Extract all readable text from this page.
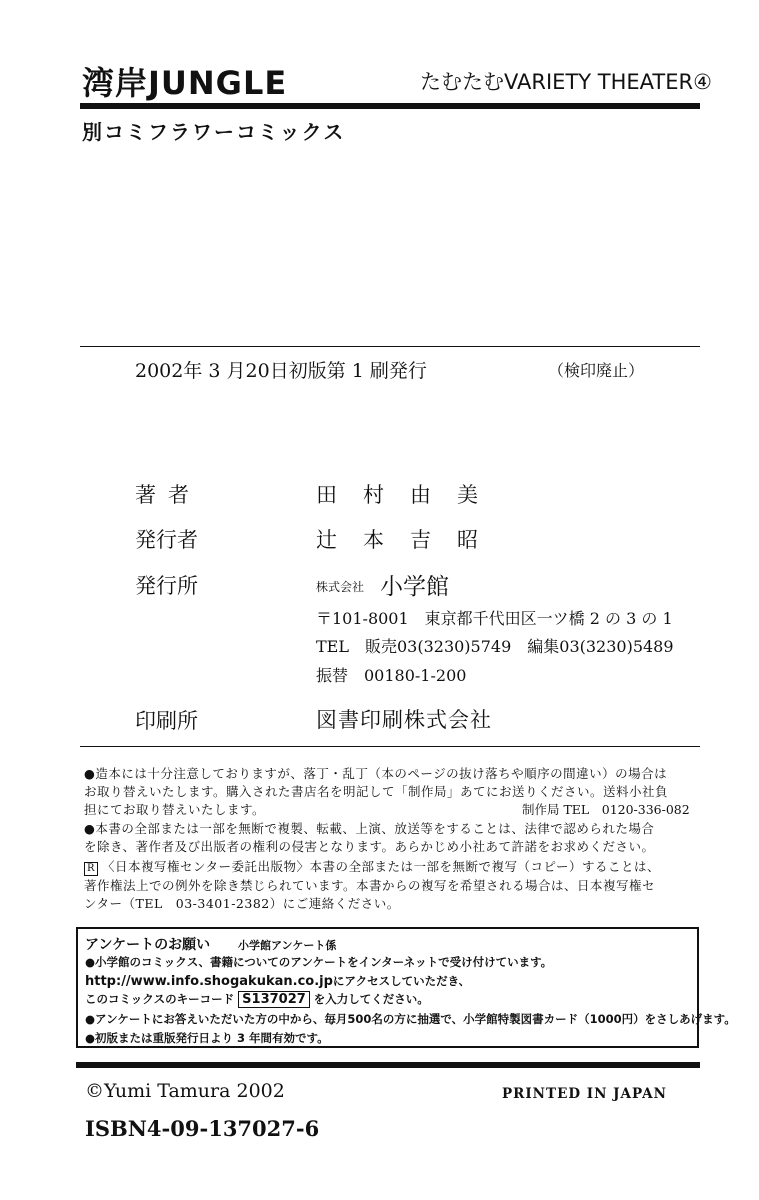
湾岸JUNGLE	たむたむVARIETY THEATER④
別コミフラワーコミックス
2002年 3 月20日初版第 1 刷発行	（検印廃止）
著者	田村由美
発行者	辻本吉昭
発行所	株式会社 小学館
〒101-8001　東京都千代田区一ツ橋 2 の 3 の 1
TEL　販売03(3230)5749　編集03(3230)5489
振替　00180-1-200
印刷所	図書印刷株式会社
●造本には十分注意しておりますが、落丁・乱丁（本のページの抜け落ちや順序の間違い）の場合は
お取り替えいたします。購入された書店名を明記して「制作局」あてにお送りください。送料小社負
担にてお取り替えいたします。	制作局 TEL　0120-336-082
●本書の全部または一部を無断で複製、転載、上演、放送等をすることは、法律で認められた場合
を除き、著作者及び出版者の権利の侵害となります。あらかじめ小社あて許諾をお求めください。
R 〈日本複写権センター委託出版物〉本書の全部または一部を無断で複写（コピー）することは、
著作権法上での例外を除き禁じられています。本書からの複写を希望される場合は、日本複写権セ
ンター（TEL　03-3401-2382）にご連絡ください。
アンケートのお願い	小学館アンケート係
●小学館のコミックス、書籍についてのアンケートをインターネットで受け付けています。
http://www.info.shogakukan.co.jpにアクセスしていただき、
このコミックスのキーコード S137027 を入力してください。
●アンケートにお答えいただいた方の中から、毎月500名の方に抽選で、小学館特製図書カード（1000円）をさしあげます。
●初版または重版発行日より 3 年間有効です。
©Yumi Tamura 2002	PRINTED IN JAPAN
ISBN4-09-137027-6
